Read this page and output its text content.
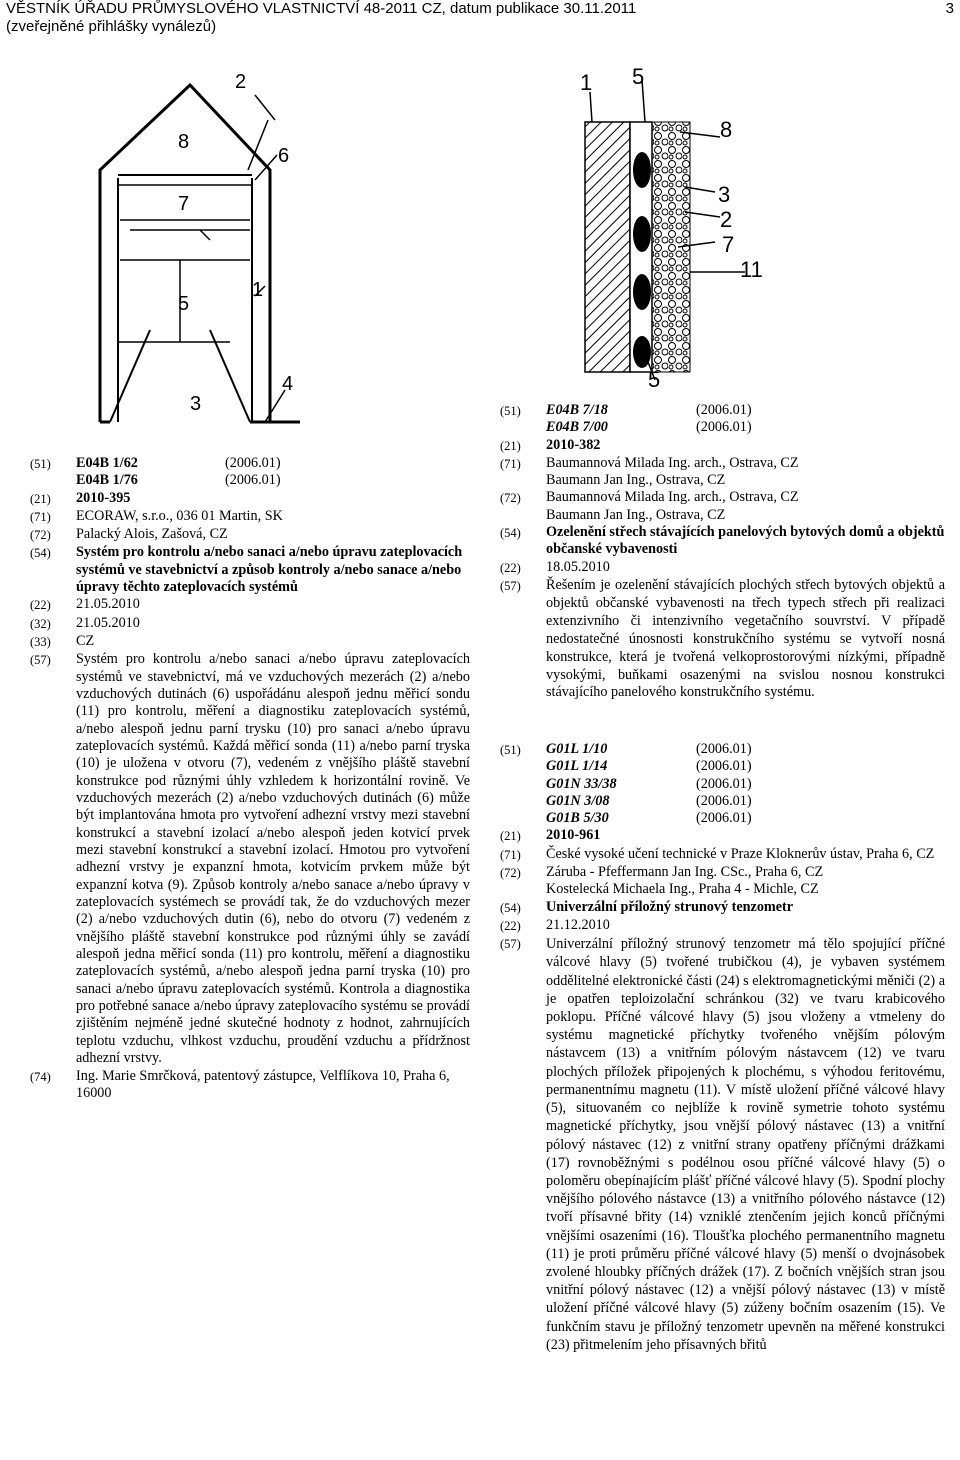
VĚSTNÍK ÚŘADU PRŮMYSLOVÉHO VLASTNICTVÍ 48-2011 CZ, datum publikace 30.11.2011
(zveřejněné přihlášky vynálezů)
3
2
8
6
7
5
1
4
3
1 5
8
3
2
7
11
5
(51)	E04B 1/62	(2006.01)
E04B 1/76	(2006.01)
(21)	2010-395
(71)	ECORAW, s.r.o., 036 01 Martin, SK
(72)	Palacký Alois, Zašová, CZ
(54)	Systém pro kontrolu a/nebo sanaci a/nebo úpravu zateplovacích systémů ve stavebnictví a způsob kontroly a/nebo sanace a/nebo úpravy těchto zateplovacích systémů
(22)	21.05.2010
(32)	21.05.2010
(33)	CZ
(57)	Systém pro kontrolu a/nebo sanaci a/nebo úpravu zateplovacích systémů ve stavebnictví, má ve vzduchových mezerách (2) a/nebo vzduchových dutinách (6) uspořádánu alespoň jednu měřicí sondu (11) pro kontrolu, měření a diagnostiku zateplovacích systémů, a/nebo alespoň jednu parní trysku (10) pro sanaci a/nebo úpravu zateplovacích systémů. Každá měřicí sonda (11) a/nebo parní tryska (10) je uložena v otvoru (7), vedeném z vnějšího pláště stavební konstrukce pod různými úhly vzhledem k horizontální rovině. Ve vzduchových mezerách (2) a/nebo vzduchových dutinách (6) může být implantována hmota pro vytvoření adhezní vrstvy mezi stavební konstrukcí a stavební izolací a/nebo alespoň jeden kotvicí prvek mezi stavební konstrukcí a stavební izolací. Hmotou pro vytvoření adhezní vrstvy je expanzní hmota, kotvicím prvkem může být expanzní kotva (9). Způsob kontroly a/nebo sanace a/nebo úpravy v zateplovacích systémech se provádí tak, že do vzduchových mezer (2) a/nebo vzduchových dutin (6), nebo do otvoru (7) vedeném z vnějšího pláště stavební konstrukce pod různými úhly se zavádí alespoň jedna měřicí sonda (11) pro kontrolu, měření a diagnostiku zateplovacích systémů, a/nebo alespoň jedna parní tryska (10) pro sanaci a/nebo úpravu zateplovacích systémů. Kontrola a diagnostika pro potřebné sanace a/nebo úpravy zateplovacího systému se provádí zjištěním nejméně jedné skutečné hodnoty z hodnot, zahrnujících teplotu vzduchu, vlhkost vzduchu, proudění vzduchu a přídržnost adhezní vrstvy.
(74)	Ing. Marie Smrčková, patentový zástupce, Velflíkova 10, Praha 6, 16000
(51)	E04B 7/18	(2006.01)
E04B 7/00	(2006.01)
(21)	2010-382
(71)	Baumannová Milada Ing. arch., Ostrava, CZ
Baumann Jan Ing., Ostrava, CZ
(72)	Baumannová Milada Ing. arch., Ostrava, CZ
Baumann Jan Ing., Ostrava, CZ
(54)	Ozelenění střech stávajících panelových bytových domů a objektů občanské vybavenosti
(22)	18.05.2010
(57)	Řešením je ozelenění stávajících plochých střech bytových objektů a objektů občanské vybavenosti na třech typech střech při realizaci extenzivního či intenzivního vegetačního souvrství. V případě nedostatečné únosnosti konstrukčního systému se vytvoří nosná konstrukce, která je tvořená velkoprostorovými nízkými, případně vysokými, buňkami osazenými na svislou nosnou konstrukci stávajícího panelového konstrukčního systému.
(51)	G01L 1/10	(2006.01)
G01L 1/14	(2006.01)
G01N 33/38	(2006.01)
G01N 3/08	(2006.01)
G01B 5/30	(2006.01)
(21)	2010-961
(71)	České vysoké učení technické v Praze Kloknerův ústav, Praha 6, CZ
(72)	Záruba - Pfeffermann Jan Ing. CSc., Praha 6, CZ
Kostelecká Michaela Ing., Praha 4 - Michle, CZ
(54)	Univerzální příložný strunový tenzometr
(22)	21.12.2010
(57)	Univerzální příložný strunový tenzometr má tělo spojující příčné válcové hlavy (5) tvořené trubičkou (4), je vybaven systémem oddělitelné elektronické části (24) s elektromagnetickými měniči (2) a je opatřen teploizolační schránkou (32) ve tvaru krabicového poklopu. Příčné válcové hlavy (5) jsou vloženy a vtmeleny do systému magnetické příchytky tvořeného vnějším pólovým nástavcem (13) a vnitřním pólovým nástavcem (12) ve tvaru plochých příložek připojených k plochému, s výhodou feritovému, permanentnímu magnetu (11). V místě uložení příčné válcové hlavy (5), situovaném co nejblíže k rovině symetrie tohoto systému magnetické příchytky, jsou vnější pólový nástavec (13) a vnitřní pólový nástavec (12) z vnitřní strany opatřeny příčnými drážkami (17) rovnoběžnými s podélnou osou příčné válcové hlavy (5) o poloměru obepínajícím plášť příčné válcové hlavy (5). Spodní plochy vnějšího pólového nástavce (13) a vnitřního pólového nástavce (12) tvoří přísavné břity (14) vzniklé ztenčením jejich konců příčnými vnějšími osazeními (16). Tloušťka plochého permanentního magnetu (11) je proti průměru příčné válcové hlavy (5) menší o dvojnásobek zvolené hloubky příčných drážek (17). Z bočních vnějších stran jsou vnitřní pólový nástavec (12) a vnější pólový nástavec (13) v místě uložení příčné válcové hlavy (5) zúženy bočním osazením (15). Ve funkčním stavu je příložný tenzometr upevněn na měřené konstrukci (23) přitmelením jeho přísavných břitů
